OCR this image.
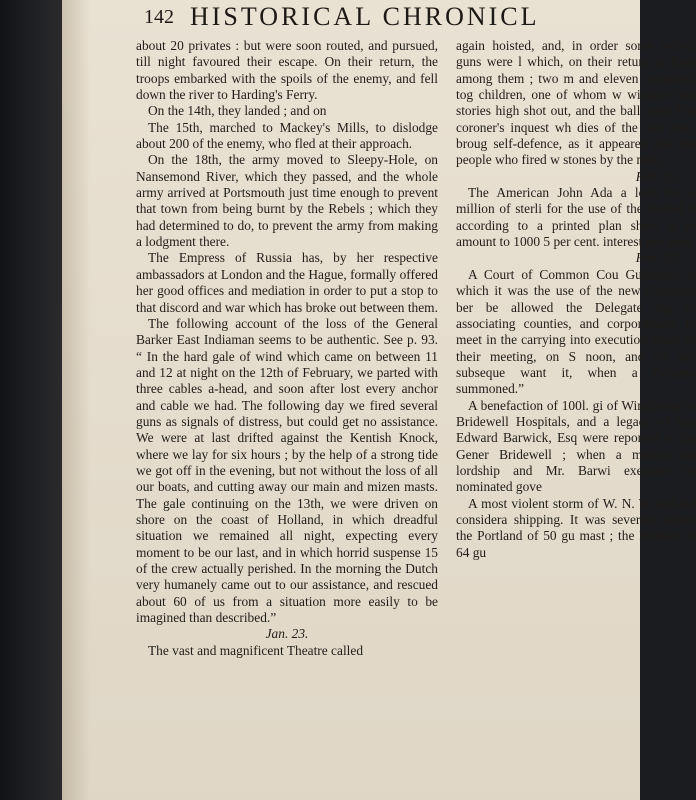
142 HISTORICAL CHRONICL

about 20 privates : but were soon routed, and pursued, till night favoured their escape. On their return, the troops embarked with the spoils of the enemy, and fell down the river to Harding's Ferry.

On the 14th, they landed ; and on

The 15th, marched to Mackey's Mills, to dislodge about 200 of the enemy, who fled at their approach.

On the 18th, the army moved to Sleepy-Hole, on Nansemond River, which they passed, and the whole army arrived at Portsmouth just time enough to prevent that town from being burnt by the Rebels ; which they had determined to do, to prevent the army from making a lodgment there.

The Empress of Russia has, by her respective ambassadors at London and the Hague, formally offered her good offices and mediation in order to put a stop to that discord and war which has broke out between them.

The following account of the loss of the General Barker East Indiaman seems to be authentic. See p. 93. “ In the hard gale of wind which came on between 11 and 12 at night on the 12th of February, we parted with three cables a-head, and soon after lost every anchor and cable we had. The following day we fired several guns as signals of distress, but could get no assistance. We were at last drifted against the Kentish Knock, where we lay for six hours ; by the help of a strong tide we got off in the evening, but not without the loss of all our boats, and cutting away our main and mizen masts. The gale continuing on the 13th, we were driven on shore on the coast of Holland, in which dreadful situation we remained all night, expecting every moment to be our last, and in which horrid suspense 15 of the crew actually perished. In the morning the Dutch very humanely came out to our assistance, and rescued about 60 of us from a situation more easily to be imagined than described.”

Jan. 23.

The vast and magnificent Theatre called

again hoisted, and, in order some swivel guns were l which, on their return in fired among them ; two m and eleven wounded, tog children, one of whom w window two stories high shot out, and the ball went The coroner's inquest wh dies of the two men, broug self-defence, as it appeared that the people who fired w stones by the mob.

Feb. 25.

The American John Ada a loan for a million of sterli for the use of the United S according to a printed plan share is to amount to 1000 5 per cent. interest per annu

Feb. 27.

A Court of Common Cou Guildhall, at which it was the use of the new Common ber be allowed the Delegate ing or associating counties, and corporations, to meet in the carrying into execution poses of their meeting, on S noon, and on any subseque want it, when a Commo summoned.”

A benefaction of 100l. gi of Winchester to Bridewell Hospitals, and a legacy of late Edward Barwick, Esq were reported to the Gener Bridewell ; when a motion his lordship and Mr. Barwi executor be nominated gove

A most violent storm of W. N. W and did considera shipping. It was severely where the Portland of 50 gu mast ; the Prothée of 64 gu
